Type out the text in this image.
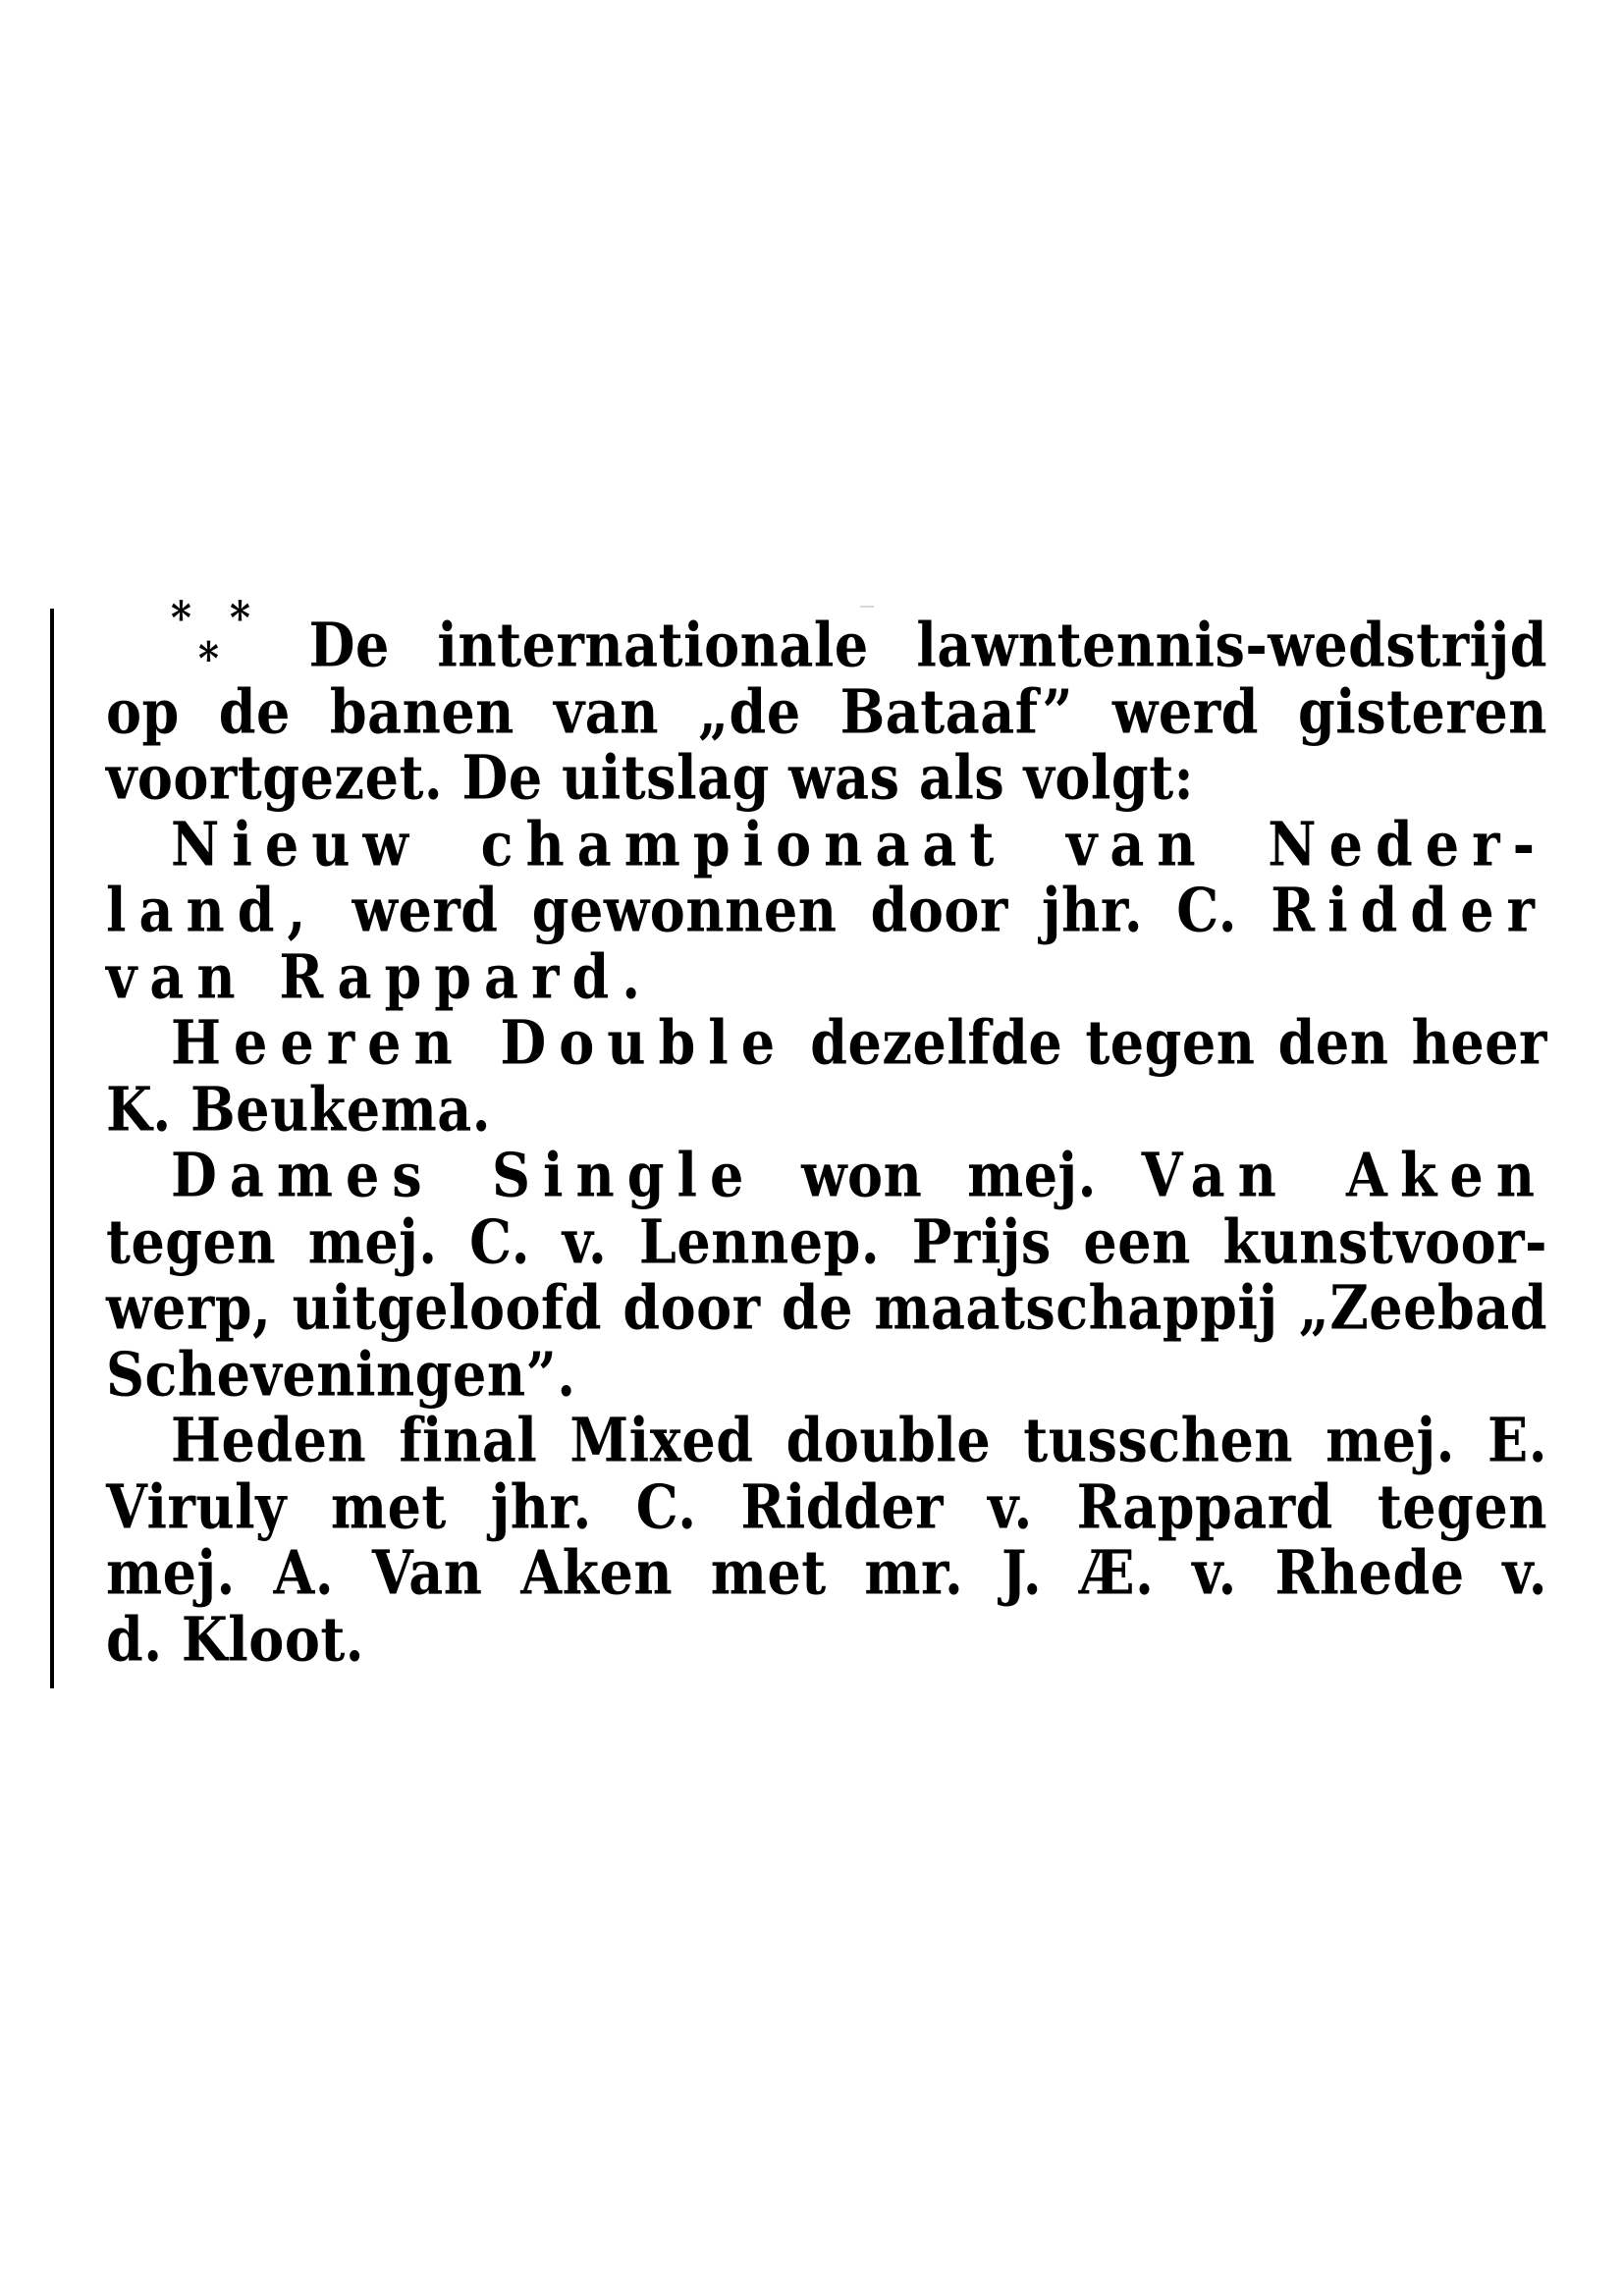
* *
* De internationale lawntennis-wedstrijd
op de banen van „de Bataaf” werd gisteren
voortgezet. De uitslag was als volgt:
Nieuw championaat van Neder-
land, werd gewonnen door jhr. C. Ridder
van Rappard.
Heeren Double dezelfde tegen den heer
K. Beukema.
Dames Single won mej. Van Aken
tegen mej. C. v. Lennep. Prijs een kunstvoor-
werp, uitgeloofd door de maatschappij „Zeebad
Scheveningen”.
Heden final Mixed double tusschen mej. E.
Viruly met jhr. C. Ridder v. Rappard tegen
mej. A. Van Aken met mr. J. Æ. v. Rhede v.
d. Kloot.
